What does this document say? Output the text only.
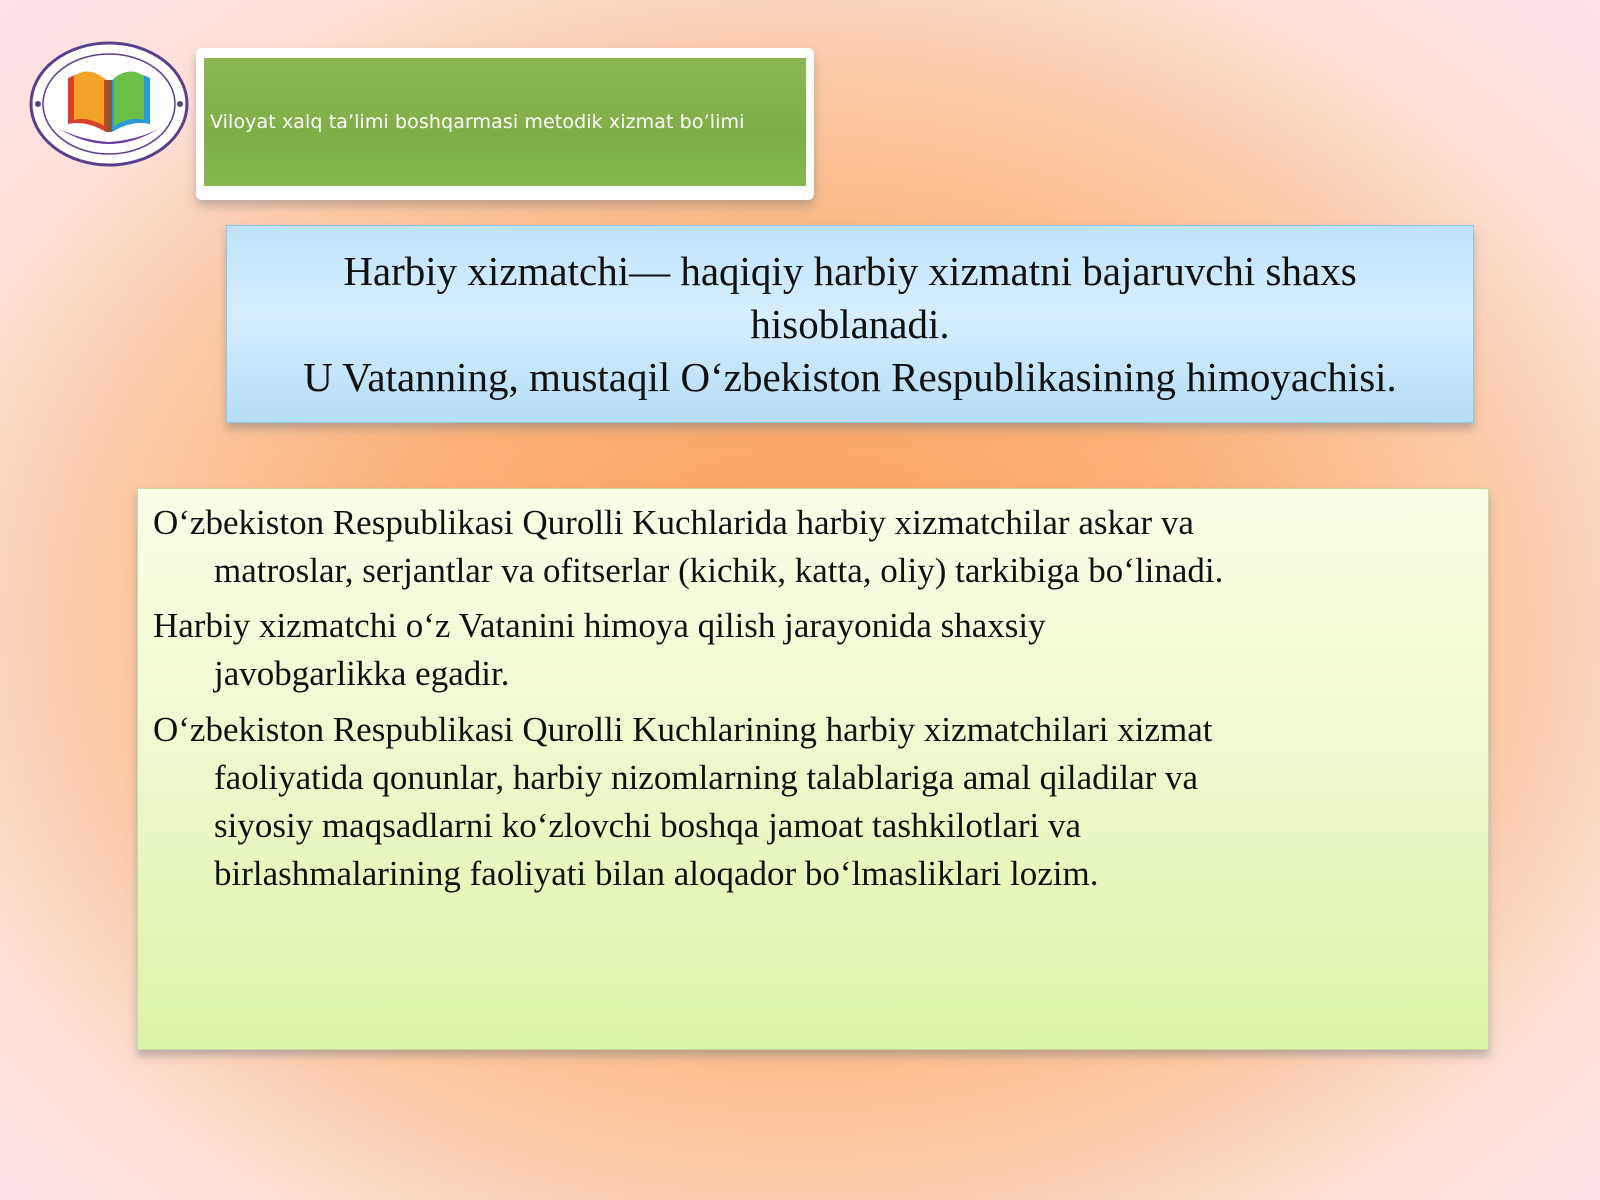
Viloyat xalq ta’limi boshqarmasi metodik xizmat bo’limi
Harbiy xizmatchi— haqiqiy harbiy xizmatni bajaruvchi shaxs
hisoblanadi.
U Vatanning, mustaqil O‘zbekiston Respublikasining himoyachisi.
O‘zbekiston Respublikasi Qurolli Kuchlarida harbiy xizmatchilar askar va
matroslar, serjantlar va ofitserlar (kichik, katta, oliy) tarkibiga bo‘linadi.
Harbiy xizmatchi o‘z Vatanini himoya qilish jarayonida shaxsiy
javobgarlikka egadir.
O‘zbekiston Respublikasi Qurolli Kuchlarining harbiy xizmatchilari xizmat
faoliyatida qonunlar, harbiy nizomlarning talablariga amal qiladilar va
siyosiy maqsadlarni ko‘zlovchi boshqa jamoat tashkilotlari va
birlashmalarining faoliyati bilan aloqador bo‘lmasliklari lozim.
